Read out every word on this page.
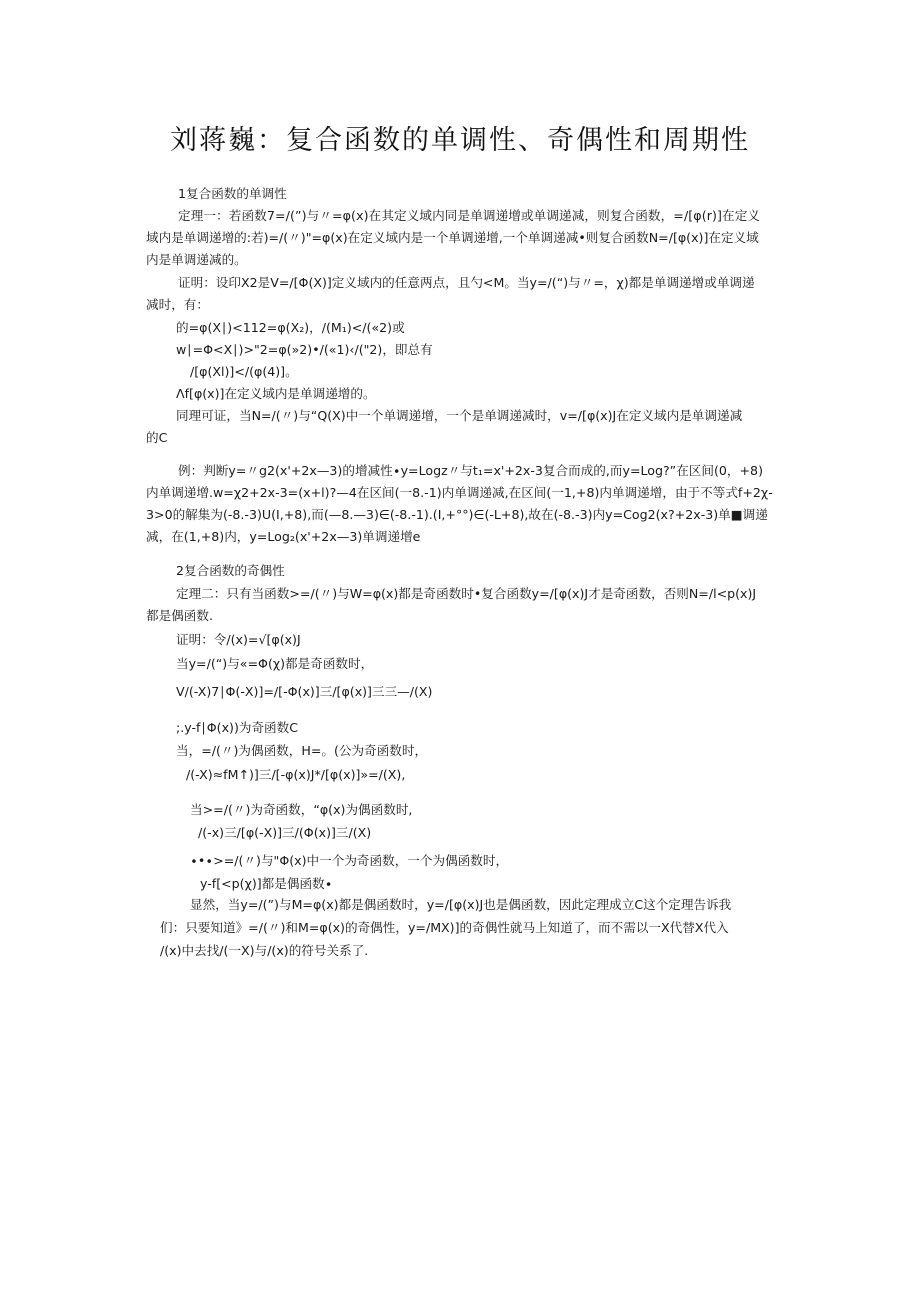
刘蒋巍：复合函数的单调性、奇偶性和周期性
1复合函数的单调性
定理一：若函数7=/(”)与〃=φ(x)在其定义域内同是单调递增或单调递减，则复合函数，=/[φ(r)]在定义
域内是单调递增的:若)=/(〃)"=φ(x)在定义域内是一个单调递增,一个单调递减•则复合函数N=/[φ(x)]在定义域
内是单调递减的。
证明：设印X2是V=/[Φ(X)]定义域内的任意两点，且勺<M。当y=/(“)与〃=，χ)都是单调递增或单调递
减时，有：
的=φ(X∣)<112=φ(X₂)，/(M₁)</(«2)或
w∣=Φ<X∣)>"2=φ(»2)•/(«1)‹/("2)，即总有
/[φ(Xl)]</(φ(4)]。
Λf[φ(x)]在定义域内是单调递增的。
同理可证，当N=/(〃)与“Q(X)中一个单调递增，一个是单调递减时，v=/[φ(x)J在定义域内是单调递减
的C
例：判断y=〃g2(x'+2x—3)的增减性∙y=Logz〃与t₁=x'+2x-3复合而成的,而y=Log?”在区间(0，+8)
内单调递增.w=χ2+2x-3=(x+l)?—4在区间(一8.-1)内单调递减,在区间(一1,+8)内单调递增，由于不等式f+2χ-
3>0的解集为(-8.-3)U(I,+8),而(—8.—3)∈(-8.-1).(I,+°°)∈(-L+8),故在(-8.-3)内y=Cog2(x?+2x-3)单■调递
减，在(1,+8)内，y=Log₂(x'+2x—3)单调递增e
2复合函数的奇偶性
定理二：只有当函数>=/(〃)与W=φ(x)都是奇函数时•复合函数y=/[φ(x)J才是奇函数，否则N=/l<p(x)J
都是偶函数.
证明：令/(x)=√[φ(x)J
当y=/(“)与«=Φ(χ)都是奇函数时，
V/(-X)7∣Φ(-X)]=/[-Φ(x)]三/[φ(x)]三三—/(X)
;.y-f∣Φ(x))为奇函数C
当，=/(〃)为偶函数，H=。(公为奇函数时，
/(-X)≈fM↑)]三/[-φ(x)J*/[φ(x)]»=/(X),
当>=/(〃)为奇函数，“φ(x)为偶函数时,
/(-x)三/[φ(-X)]三/(Φ(x)]三/(X)
∙•∙>=/(〃)与"Φ(x)中一个为奇函数，一个为偶函数时，
y-f[<p(χ)]都是偶函数∙
显然，当y=/(”)与M=φ(x)都是偶函数时，y=/[φ(x)J也是偶函数，因此定理成立C这个定理告诉我
们：只要知道》=/(〃)和M=φ(x)的奇偶性，y=/MX)]的奇偶性就马上知道了，而不需以一X代替X代入
/(x)中去找/(一X)与/(x)的符号关系了.
